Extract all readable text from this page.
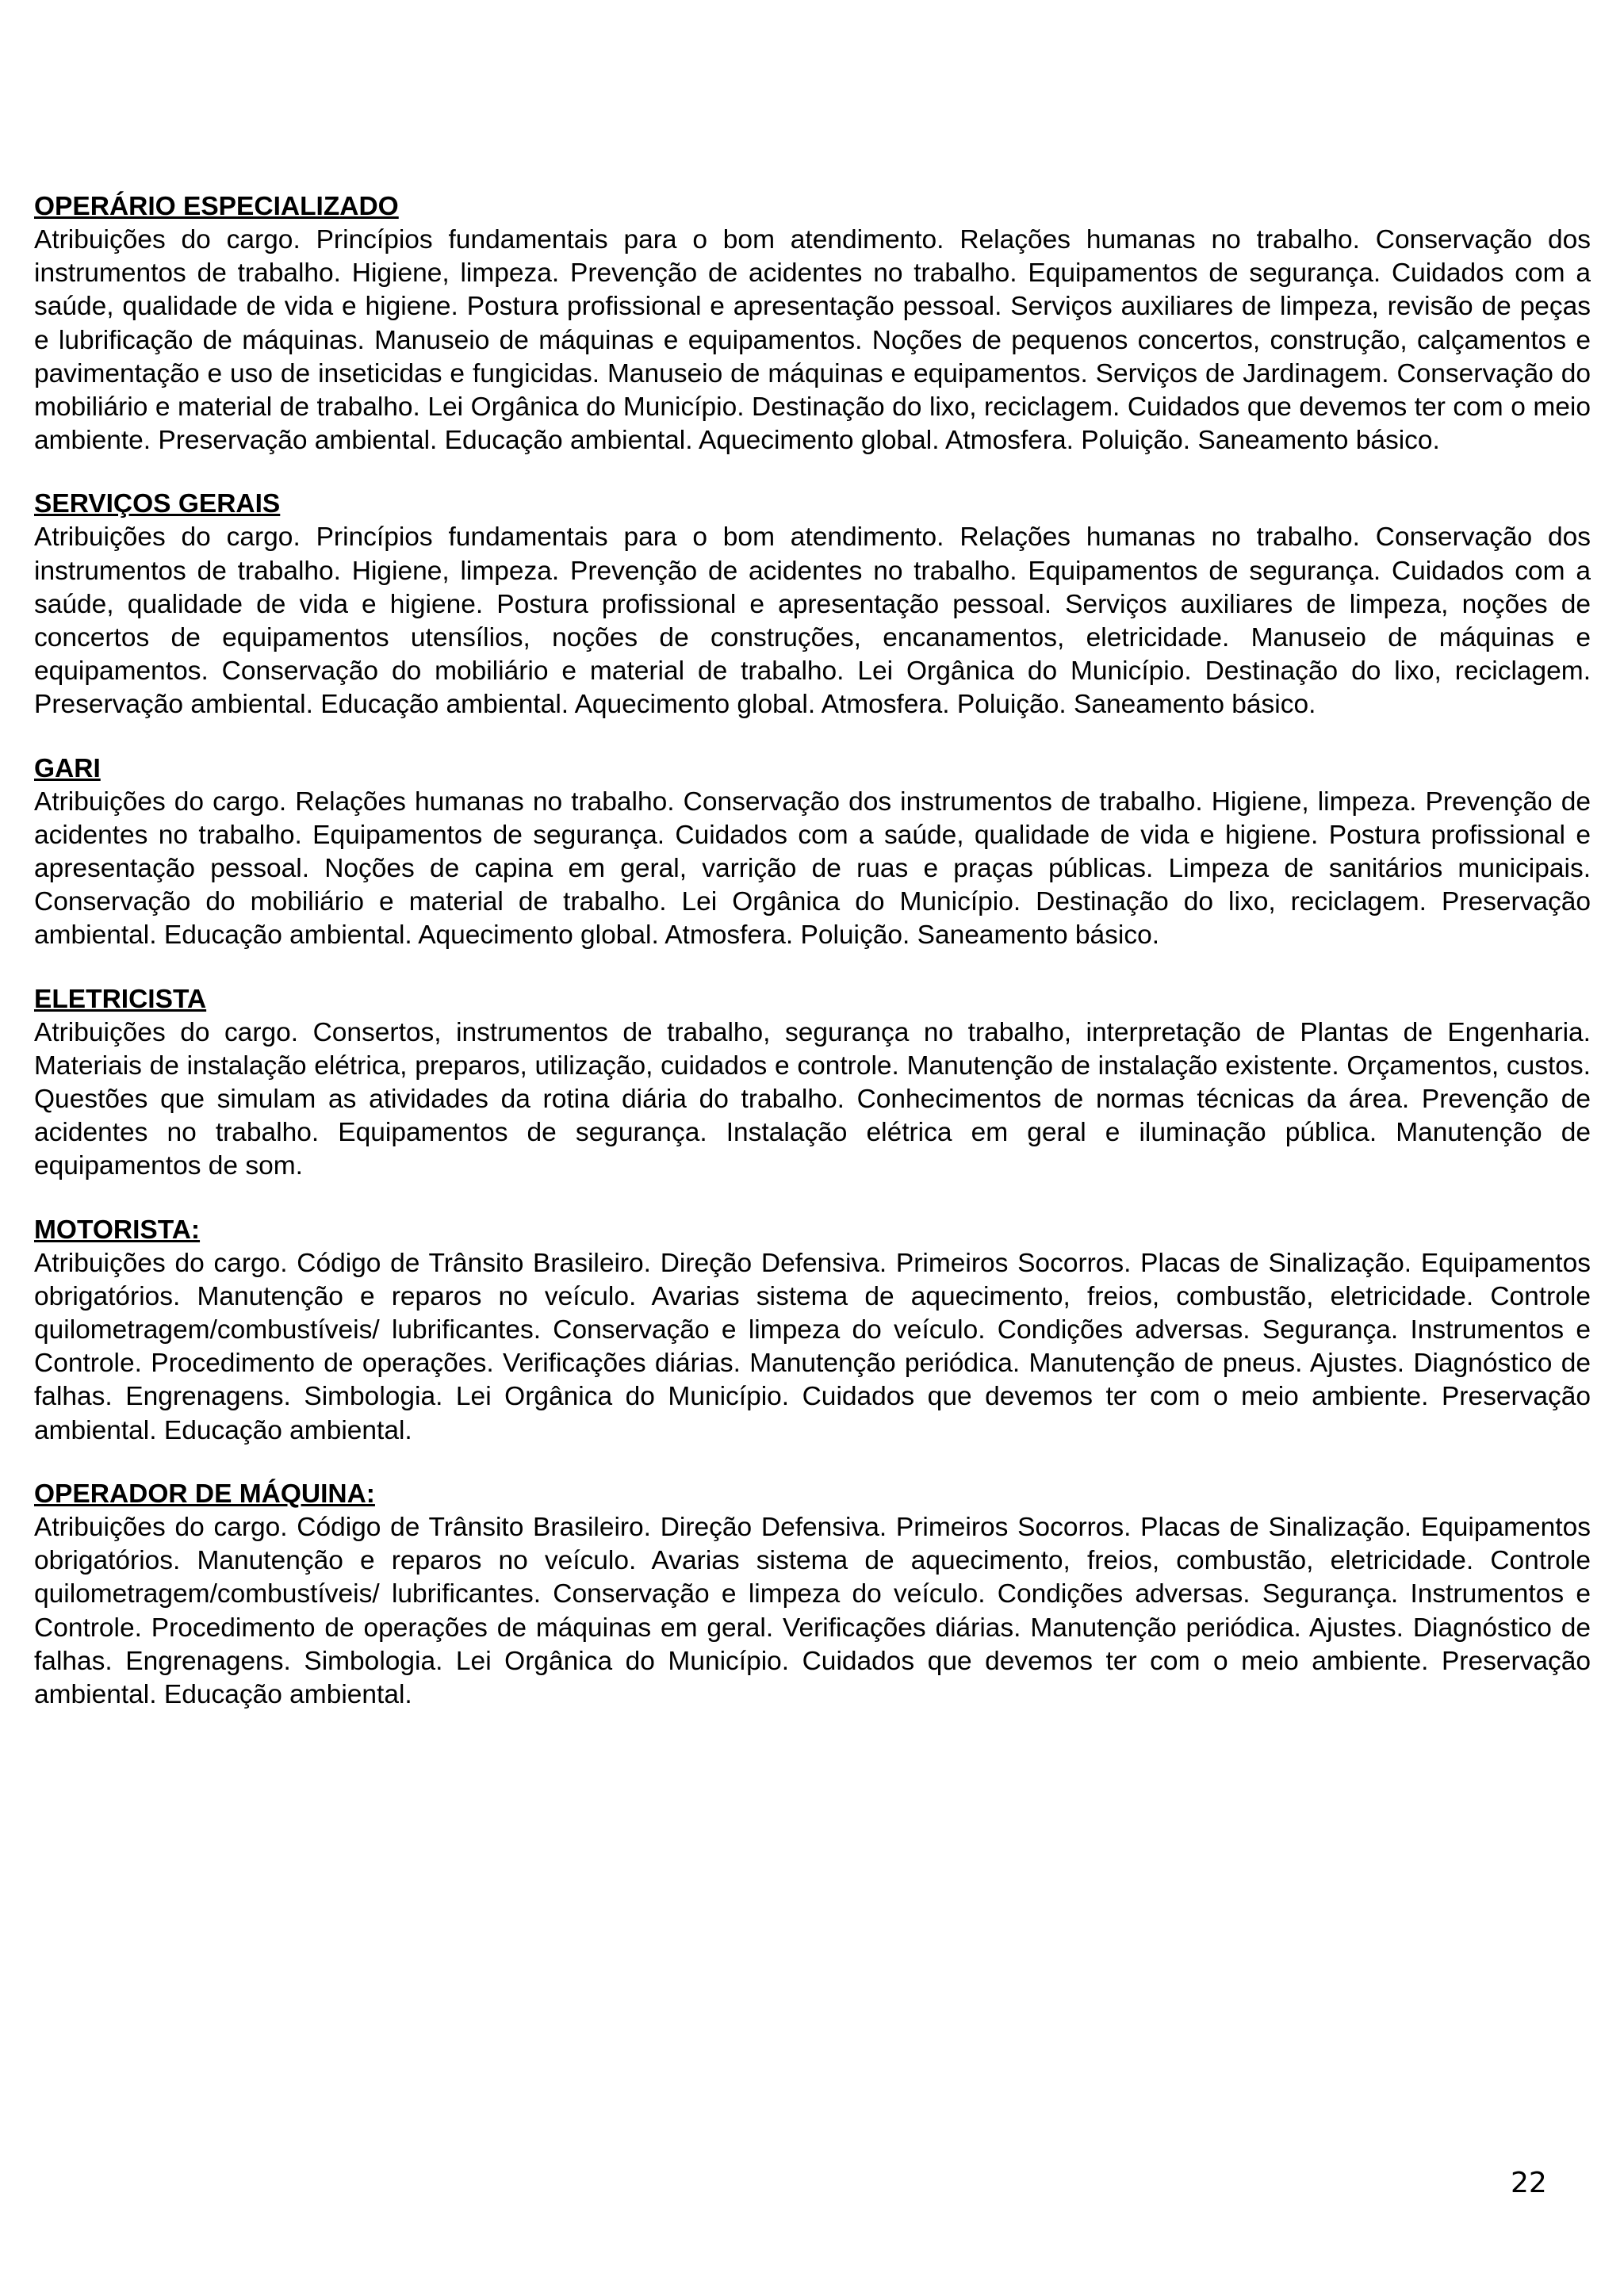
OPERÁRIO ESPECIALIZADO

Atribuições do cargo. Princípios fundamentais para o bom atendimento. Relações humanas no trabalho. Conservação dos instrumentos de trabalho. Higiene, limpeza. Prevenção de acidentes no trabalho. Equipamentos de segurança. Cuidados com a saúde, qualidade de vida e higiene. Postura profissional e apresentação pessoal. Serviços auxiliares de limpeza, revisão de peças e lubrificação de máquinas. Manuseio de máquinas e equipamentos. Noções de pequenos concertos, construção, calçamentos e pavimentação e uso de inseticidas e fungicidas. Manuseio de máquinas e equipamentos. Serviços de Jardinagem. Conservação do mobiliário e material de trabalho. Lei Orgânica do Município. Destinação do lixo, reciclagem. Cuidados que devemos ter com o meio ambiente. Preservação ambiental. Educação ambiental. Aquecimento global. Atmosfera. Poluição. Saneamento básico.

SERVIÇOS GERAIS

Atribuições do cargo. Princípios fundamentais para o bom atendimento. Relações humanas no trabalho. Conservação dos instrumentos de trabalho. Higiene, limpeza. Prevenção de acidentes no trabalho. Equipamentos de segurança. Cuidados com a saúde, qualidade de vida e higiene. Postura profissional e apresentação pessoal. Serviços auxiliares de limpeza, noções de concertos de equipamentos utensílios, noções de construções, encanamentos, eletricidade. Manuseio de máquinas e equipamentos. Conservação do mobiliário e material de trabalho. Lei Orgânica do Município. Destinação do lixo, reciclagem. Preservação ambiental. Educação ambiental. Aquecimento global. Atmosfera. Poluição. Saneamento básico.

GARI

Atribuições do cargo. Relações humanas no trabalho. Conservação dos instrumentos de trabalho. Higiene, limpeza. Prevenção de acidentes no trabalho. Equipamentos de segurança. Cuidados com a saúde, qualidade de vida e higiene. Postura profissional e apresentação pessoal. Noções de capina em geral, varrição de ruas e praças públicas. Limpeza de sanitários municipais. Conservação do mobiliário e material de trabalho. Lei Orgânica do Município. Destinação do lixo, reciclagem. Preservação ambiental. Educação ambiental. Aquecimento global. Atmosfera. Poluição. Saneamento básico.

ELETRICISTA

Atribuições do cargo. Consertos, instrumentos de trabalho, segurança no trabalho, interpretação de Plantas de Engenharia. Materiais de instalação elétrica, preparos, utilização, cuidados e controle. Manutenção de instalação existente. Orçamentos, custos. Questões que simulam as atividades da rotina diária do trabalho. Conhecimentos de normas técnicas da área. Prevenção de acidentes no trabalho. Equipamentos de segurança. Instalação elétrica em geral e iluminação pública. Manutenção de equipamentos de som.

MOTORISTA:

Atribuições do cargo. Código de Trânsito Brasileiro. Direção Defensiva. Primeiros Socorros. Placas de Sinalização. Equipamentos obrigatórios. Manutenção e reparos no veículo. Avarias sistema de aquecimento, freios, combustão, eletricidade. Controle quilometragem/combustíveis/ lubrificantes. Conservação e limpeza do veículo. Condições adversas. Segurança. Instrumentos e Controle. Procedimento de operações. Verificações diárias. Manutenção periódica. Manutenção de pneus. Ajustes. Diagnóstico de falhas. Engrenagens. Simbologia. Lei Orgânica do Município. Cuidados que devemos ter com o meio ambiente. Preservação ambiental. Educação ambiental.

OPERADOR DE MÁQUINA:

Atribuições do cargo. Código de Trânsito Brasileiro. Direção Defensiva. Primeiros Socorros. Placas de Sinalização. Equipamentos obrigatórios. Manutenção e reparos no veículo. Avarias sistema de aquecimento, freios, combustão, eletricidade. Controle quilometragem/combustíveis/ lubrificantes. Conservação e limpeza do veículo. Condições adversas. Segurança. Instrumentos e Controle. Procedimento de operações de máquinas em geral. Verificações diárias. Manutenção periódica. Ajustes. Diagnóstico de falhas. Engrenagens. Simbologia. Lei Orgânica do Município. Cuidados que devemos ter com o meio ambiente. Preservação ambiental. Educação ambiental.

22
